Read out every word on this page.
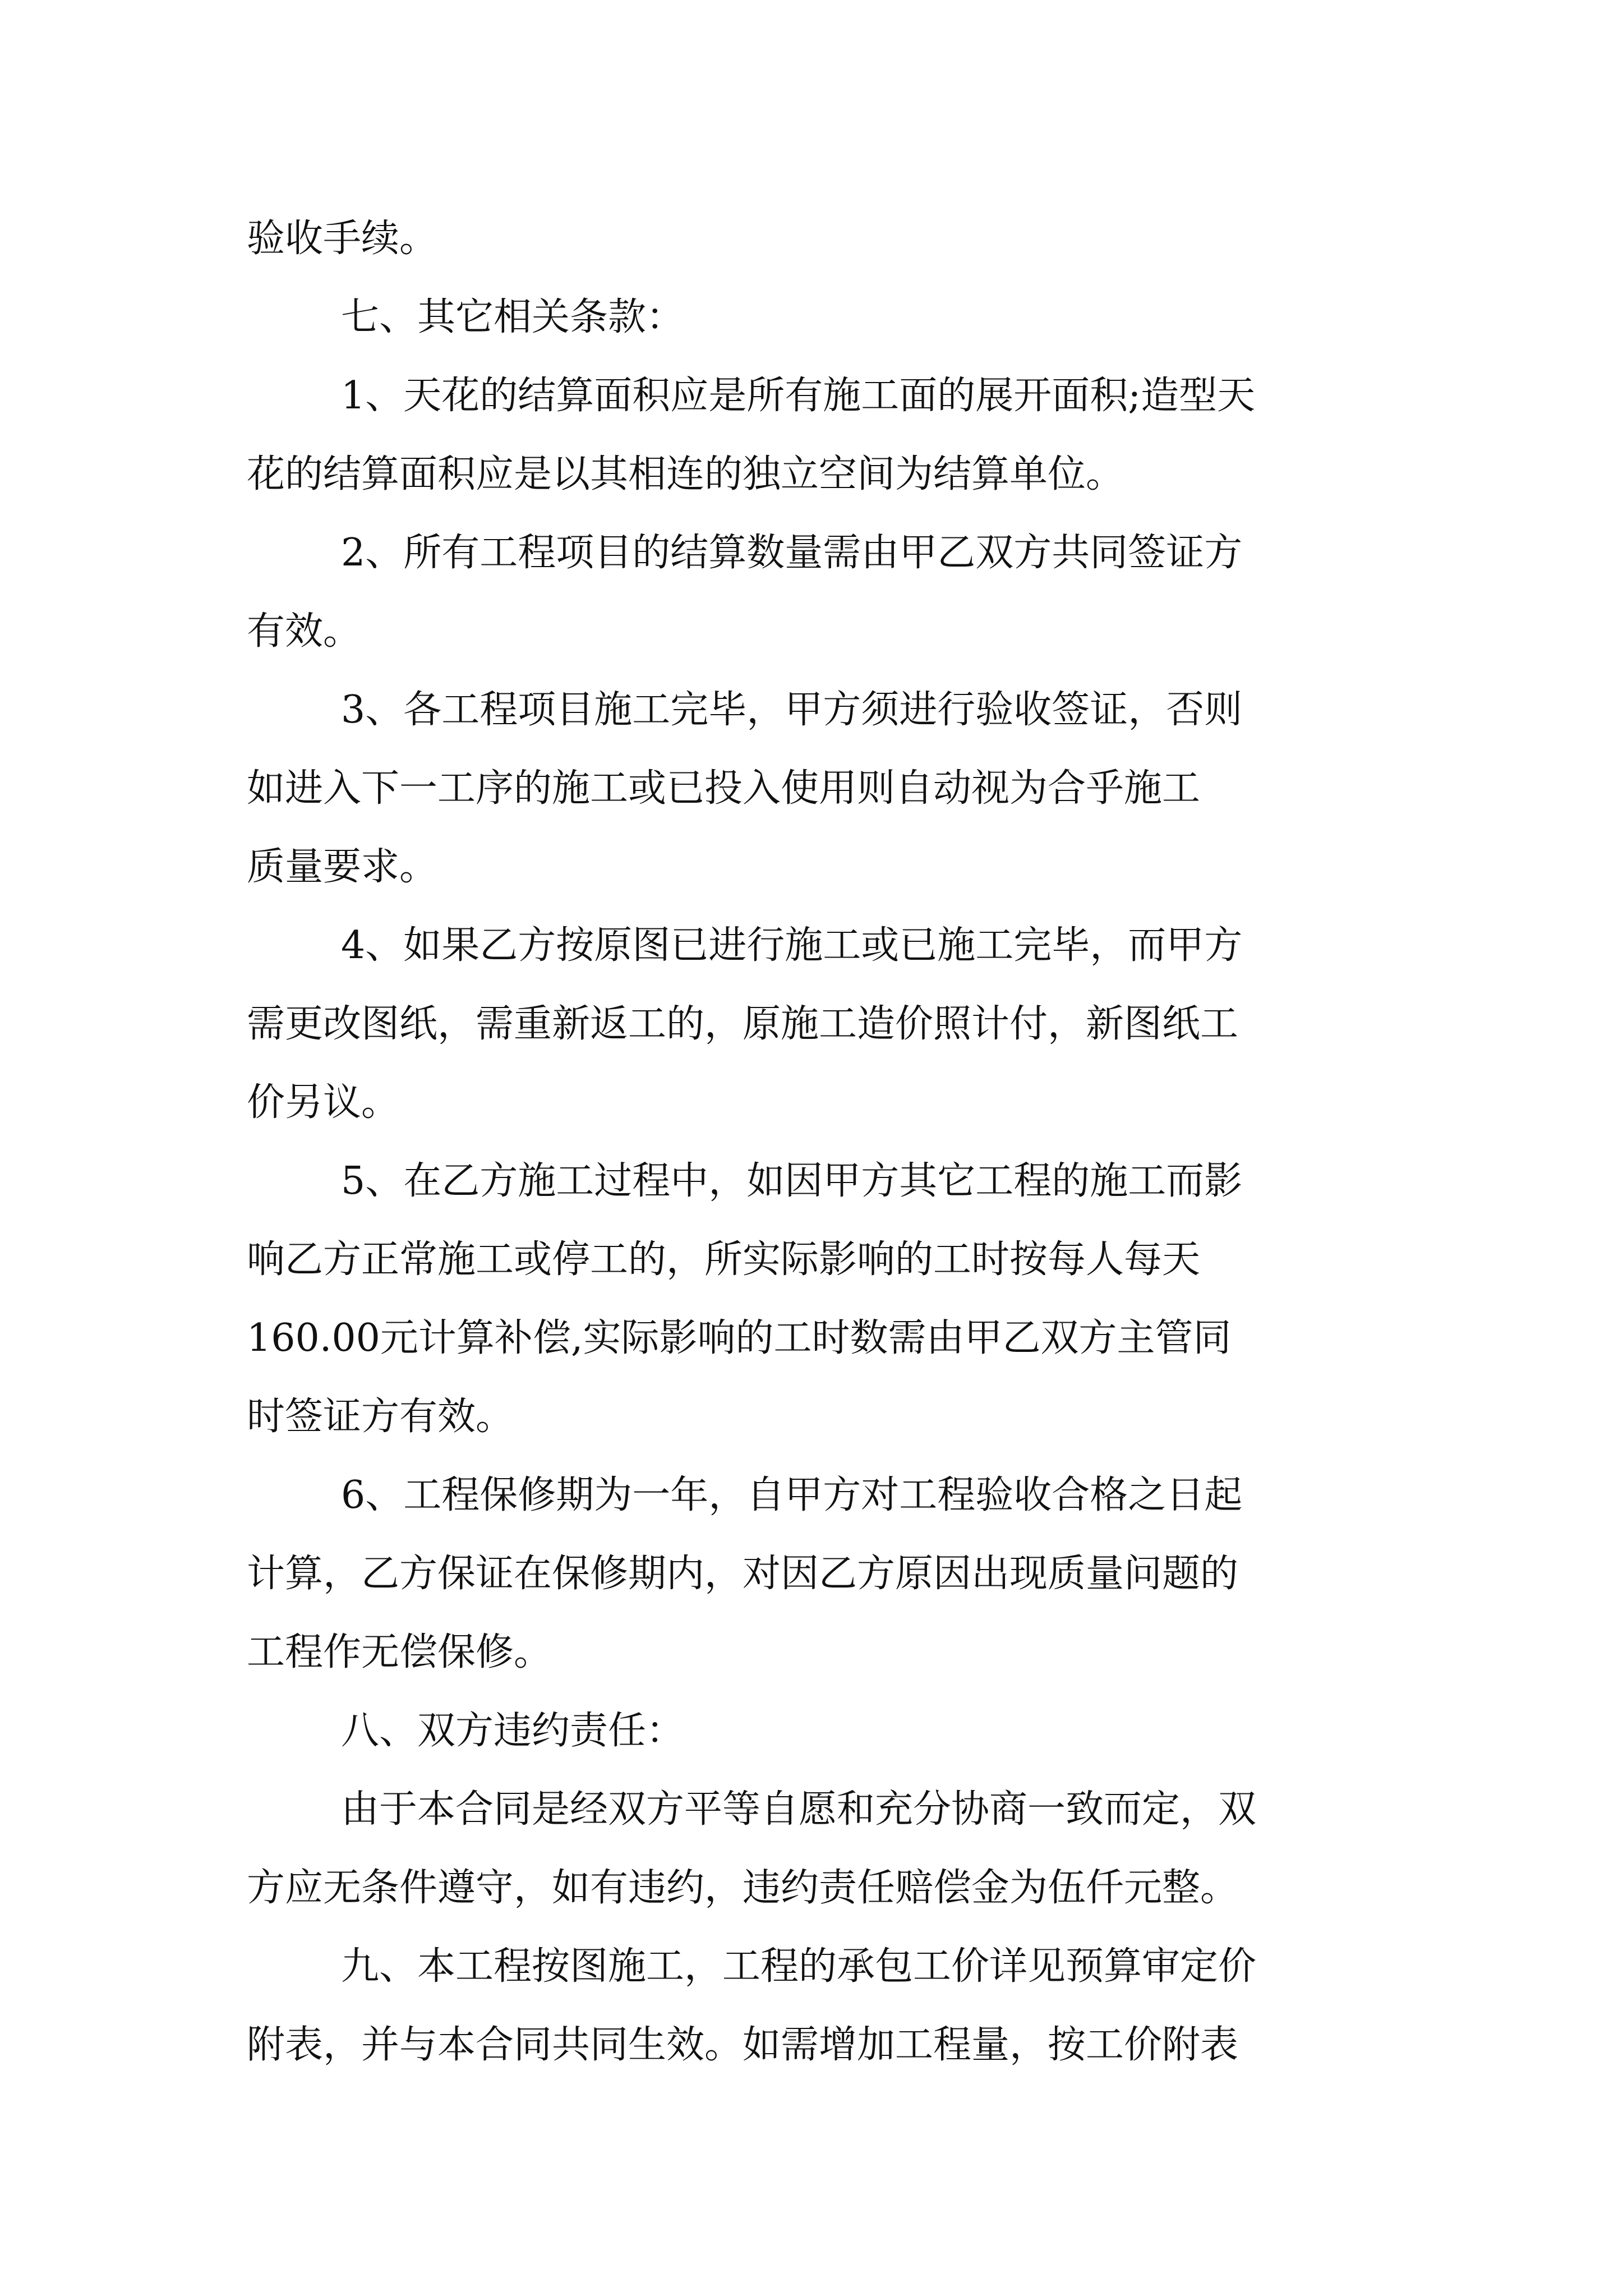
验收手续。
七、其它相关条款：
1、天花的结算面积应是所有施工面的展开面积;造型天
花的结算面积应是以其相连的独立空间为结算单位。
2、所有工程项目的结算数量需由甲乙双方共同签证方
有效。
3、各工程项目施工完毕，甲方须进行验收签证，否则
如进入下一工序的施工或已投入使用则自动视为合乎施工
质量要求。
4、如果乙方按原图已进行施工或已施工完毕，而甲方
需更改图纸，需重新返工的，原施工造价照计付，新图纸工
价另议。
5、在乙方施工过程中，如因甲方其它工程的施工而影
响乙方正常施工或停工的，所实际影响的工时按每人每天
160.00元计算补偿,实际影响的工时数需由甲乙双方主管同
时签证方有效。
6、工程保修期为一年，自甲方对工程验收合格之日起
计算，乙方保证在保修期内，对因乙方原因出现质量问题的
工程作无偿保修。
八、双方违约责任：
由于本合同是经双方平等自愿和充分协商一致而定，双
方应无条件遵守，如有违约，违约责任赔偿金为伍仟元整。
九、本工程按图施工，工程的承包工价详见预算审定价
附表，并与本合同共同生效。如需增加工程量，按工价附表
